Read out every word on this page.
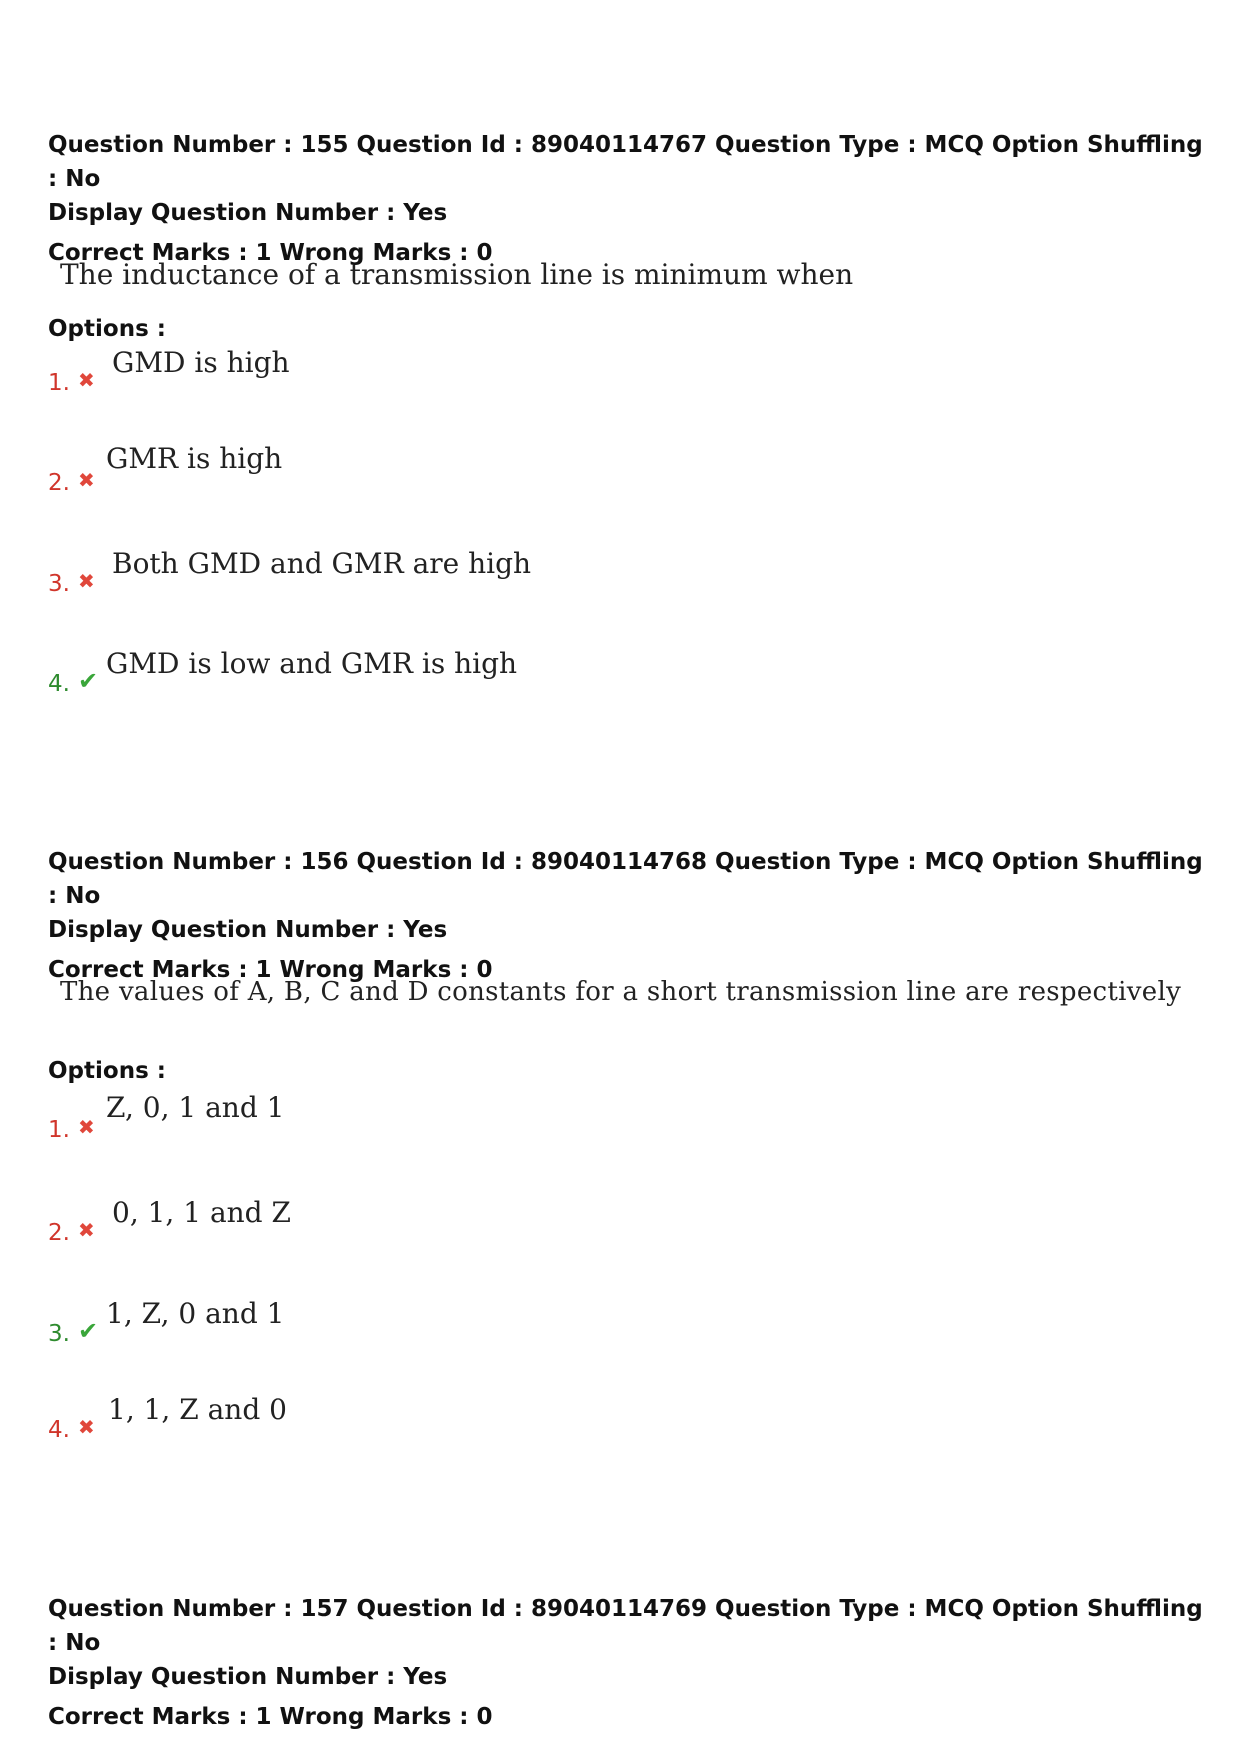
Question Number : 155 Question Id : 89040114767 Question Type : MCQ Option Shuffling : No
Display Question Number : Yes
Correct Marks : 1 Wrong Marks : 0
The inductance of a transmission line is minimum when
Options :
1. ✖
GMD is high
2. ✖
GMR is high
3. ✖
Both GMD and GMR are high
4. ✔
GMD is low and GMR is high
Question Number : 156 Question Id : 89040114768 Question Type : MCQ Option Shuffling : No
Display Question Number : Yes
Correct Marks : 1 Wrong Marks : 0
The values of A, B, C and D constants for a short transmission line are respectively
Options :
1. ✖
Z, 0, 1 and 1
2. ✖
0, 1, 1 and Z
3. ✔
1, Z, 0 and 1
4. ✖
1, 1, Z and 0
Question Number : 157 Question Id : 89040114769 Question Type : MCQ Option Shuffling : No
Display Question Number : Yes
Correct Marks : 1 Wrong Marks : 0
